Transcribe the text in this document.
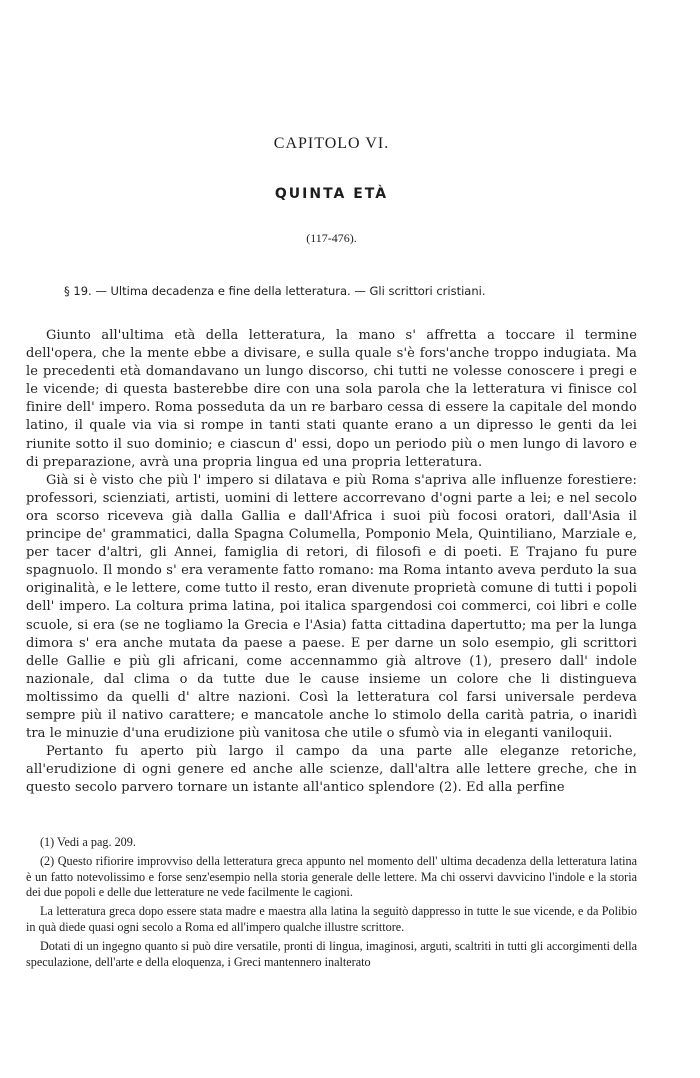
CAPITOLO VI.
QUINTA ETÀ
(117-476).
§ 19. — Ultima decadenza e fine della letteratura. — Gli scrittori cristiani.

Giunto all'ultima età della letteratura, la mano s' affretta a toccare il termine dell'opera, che la mente ebbe a divisare, e sulla quale s'è fors'anche troppo indugiata. Ma le precedenti età domandavano un lungo discorso, chi tutti ne volesse conoscere i pregi e le vicende; di questa basterebbe dire con una sola parola che la letteratura vi finisce col finire dell' impero. Roma posseduta da un re barbaro cessa di essere la capitale del mondo latino, il quale via via si rompe in tanti stati quante erano a un dipresso le genti da lei riunite sotto il suo dominio; e ciascun d' essi, dopo un periodo più o men lungo di lavoro e di preparazione, avrà una propria lingua ed una propria letteratura.

Già si è visto che più l' impero si dilatava e più Roma s'apriva alle influenze forestiere: professori, scienziati, artisti, uomini di lettere accorrevano d'ogni parte a lei; e nel secolo ora scorso riceveva già dalla Gallia e dall'Africa i suoi più focosi oratori, dall'Asia il principe de' grammatici, dalla Spagna Columella, Pomponio Mela, Quintiliano, Marziale e, per tacer d'altri, gli Annei, famiglia di retori, di filosofi e di poeti. E Trajano fu pure spagnuolo. Il mondo s' era veramente fatto romano: ma Roma intanto aveva perduto la sua originalità, e le lettere, come tutto il resto, eran divenute proprietà comune di tutti i popoli dell' impero. La coltura prima latina, poi italica spargendosi coi commerci, coi libri e colle scuole, si era (se ne togliamo la Grecia e l'Asia) fatta cittadina dapertutto; ma per la lunga dimora s' era anche mutata da paese a paese. E per darne un solo esempio, gli scrittori delle Gallie e più gli africani, come accennammo già altrove (1), presero dall' indole nazionale, dal clima o da tutte due le cause insieme un colore che li distingueva moltissimo da quelli d' altre nazioni. Così la letteratura col farsi universale perdeva sempre più il nativo carattere; e mancatole anche lo stimolo della carità patria, o inaridì tra le minuzie d'una erudizione più vanitosa che utile o sfumò via in eleganti vaniloquii.

Pertanto fu aperto più largo il campo da una parte alle eleganze retoriche, all'erudizione di ogni genere ed anche alle scienze, dall'altra alle lettere greche, che in questo secolo parvero tornare un istante all'antico splendore (2). Ed alla perfine

(1) Vedi a pag. 209.

(2) Questo rifiorire improvviso della letteratura greca appunto nel momento dell' ultima decadenza della letteratura latina è un fatto notevolissimo e forse senz'esempio nella storia generale delle lettere. Ma chi osservi davvicino l'indole e la storia dei due popoli e delle due letterature ne vede facilmente le cagioni.

La letteratura greca dopo essere stata madre e maestra alla latina la seguitò dappresso in tutte le sue vicende, e da Polibio in quà diede quasi ogni secolo a Roma ed all'impero qualche illustre scrittore.

Dotati di un ingegno quanto si può dire versatile, pronti di lingua, imaginosi, arguti, scaltriti in tutti gli accorgimenti della speculazione, dell'arte e della eloquenza, i Greci mantennero inalterato
